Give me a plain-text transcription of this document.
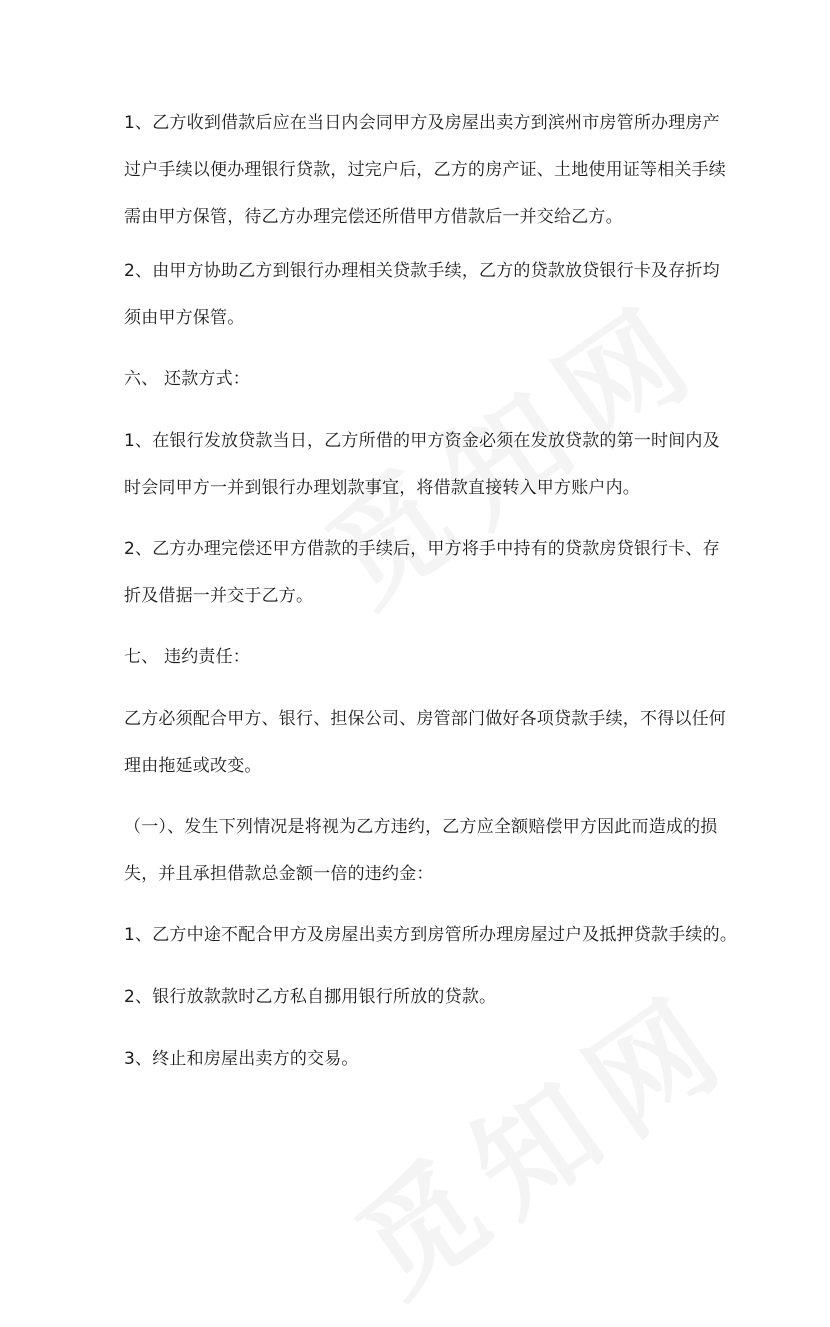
1、乙方收到借款后应在当日内会同甲方及房屋出卖方到滨州市房管所办理房产
过户手续以便办理银行贷款，过完户后，乙方的房产证、土地使用证等相关手续
需由甲方保管，待乙方办理完偿还所借甲方借款后一并交给乙方。

2、由甲方协助乙方到银行办理相关贷款手续，乙方的贷款放贷银行卡及存折均
须由甲方保管。

六、 还款方式：

1、在银行发放贷款当日，乙方所借的甲方资金必须在发放贷款的第一时间内及
时会同甲方一并到银行办理划款事宜，将借款直接转入甲方账户内。

2、乙方办理完偿还甲方借款的手续后，甲方将手中持有的贷款房贷银行卡、存
折及借据一并交于乙方。

七、 违约责任：

乙方必须配合甲方、银行、担保公司、房管部门做好各项贷款手续，不得以任何
理由拖延或改变。

（一）、发生下列情况是将视为乙方违约，乙方应全额赔偿甲方因此而造成的损
失，并且承担借款总金额一倍的违约金：

1、乙方中途不配合甲方及房屋出卖方到房管所办理房屋过户及抵押贷款手续的。

2、银行放款款时乙方私自挪用银行所放的贷款。

3、终止和房屋出卖方的交易。
